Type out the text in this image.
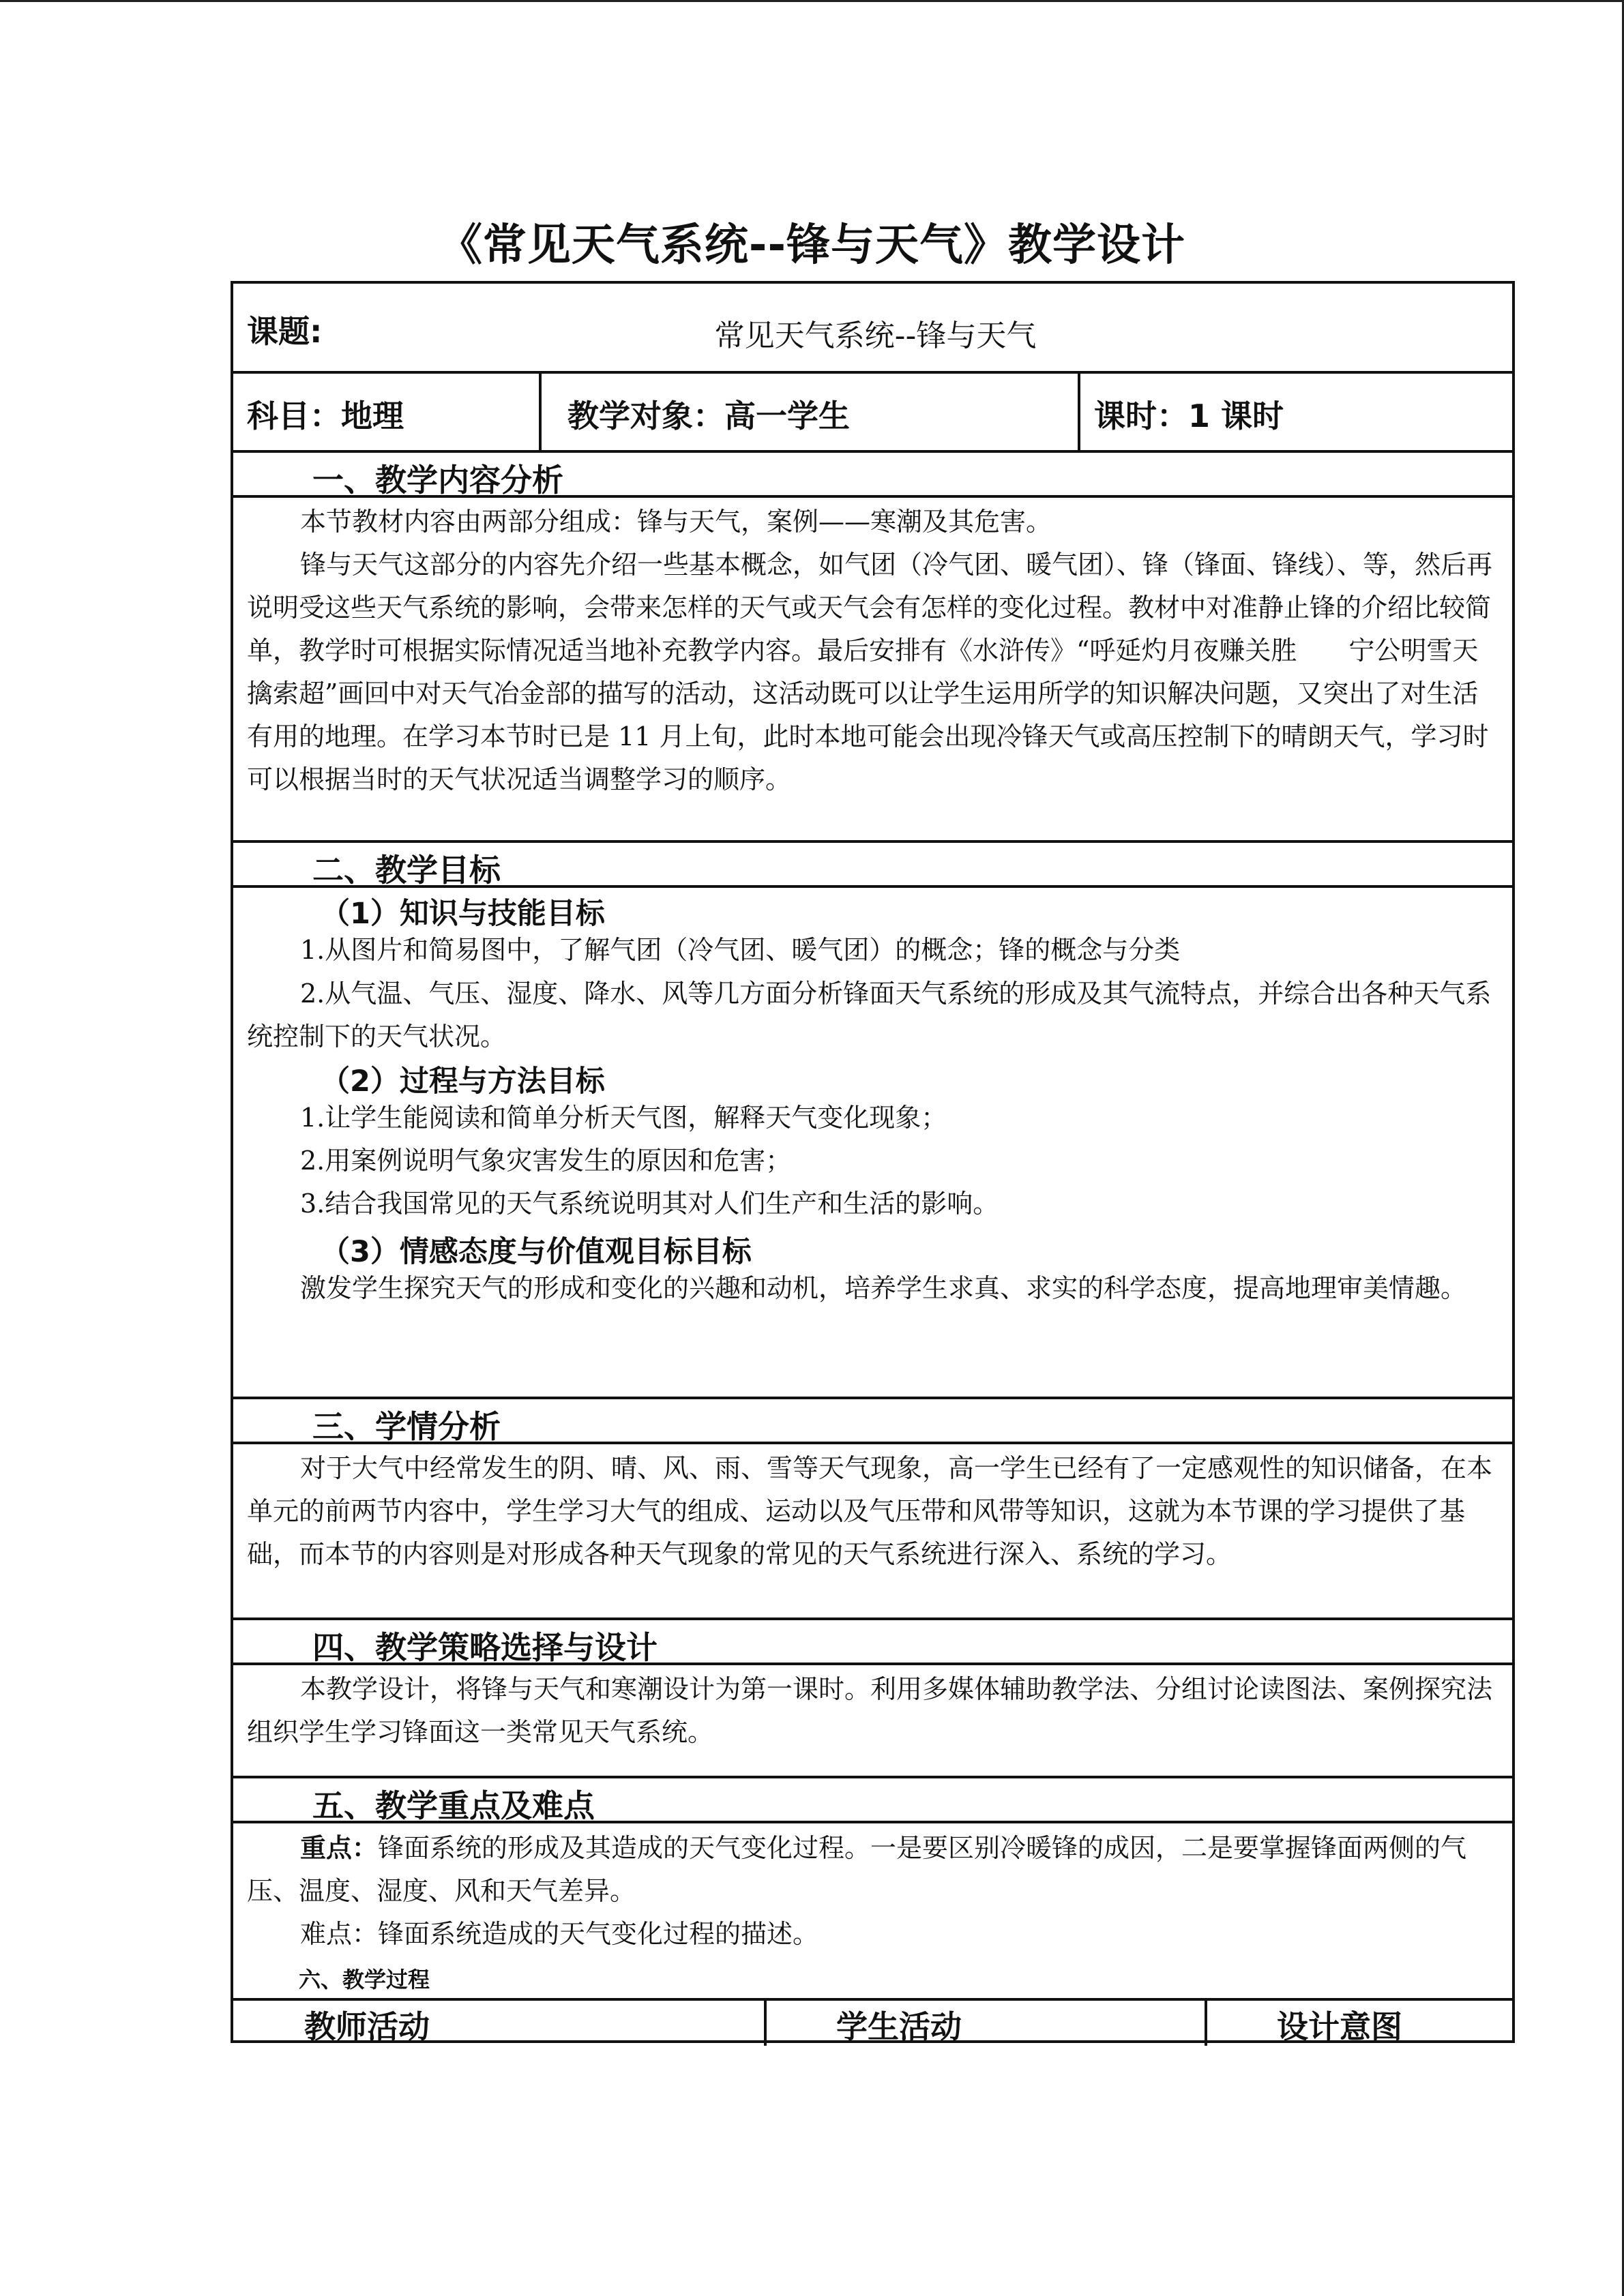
《常见天气系统--锋与天气》教学设计
课题:	常见天气系统--锋与天气
科目：地理	教学对象：高一学生	课时：1 课时
一、教学内容分析

本节教材内容由两部分组成：锋与天气，案例——寒潮及其危害。

锋与天气这部分的内容先介绍一些基本概念，如气团（冷气团、暖气团）、锋（锋面、锋线）、等，然后再说明受这些天气系统的影响，会带来怎样的天气或天气会有怎样的变化过程。教材中对准静止锋的介绍比较简单，教学时可根据实际情况适当地补充教学内容。最后安排有《水浒传》“呼延灼月夜赚关胜　　宁公明雪天擒索超”画回中对天气冶金部的描写的活动，这活动既可以让学生运用所学的知识解决问题，又突出了对生活有用的地理。在学习本节时已是 11 月上旬，此时本地可能会出现冷锋天气或高压控制下的晴朗天气，学习时可以根据当时的天气状况适当调整学习的顺序。

二、教学目标
（1）知识与技能目标
1.从图片和简易图中，了解气团（冷气团、暖气团）的概念；锋的概念与分类

2.从气温、气压、湿度、降水、风等几方面分析锋面天气系统的形成及其气流特点，并综合出各种天气系统控制下的天气状况。

（2）过程与方法目标
1.让学生能阅读和简单分析天气图，解释天气变化现象；
2.用案例说明气象灾害发生的原因和危害；
3.结合我国常见的天气系统说明其对人们生产和生活的影响。
（3）情感态度与价值观目标目标

激发学生探究天气的形成和变化的兴趣和动机，培养学生求真、求实的科学态度，提高地理审美情趣。

三、学情分析

对于大气中经常发生的阴、晴、风、雨、雪等天气现象，高一学生已经有了一定感观性的知识储备，在本单元的前两节内容中，学生学习大气的组成、运动以及气压带和风带等知识，这就为本节课的学习提供了基础，而本节的内容则是对形成各种天气现象的常见的天气系统进行深入、系统的学习。

四、教学策略选择与设计

本教学设计，将锋与天气和寒潮设计为第一课时。利用多媒体辅助教学法、分组讨论读图法、案例探究法组织学生学习锋面这一类常见天气系统。

五、教学重点及难点

重点：锋面系统的形成及其造成的天气变化过程。一是要区别冷暖锋的成因，二是要掌握锋面两侧的气压、温度、湿度、风和天气差异。

难点：锋面系统造成的天气变化过程的描述。

六、教学过程
教师活动	学生活动	设计意图
